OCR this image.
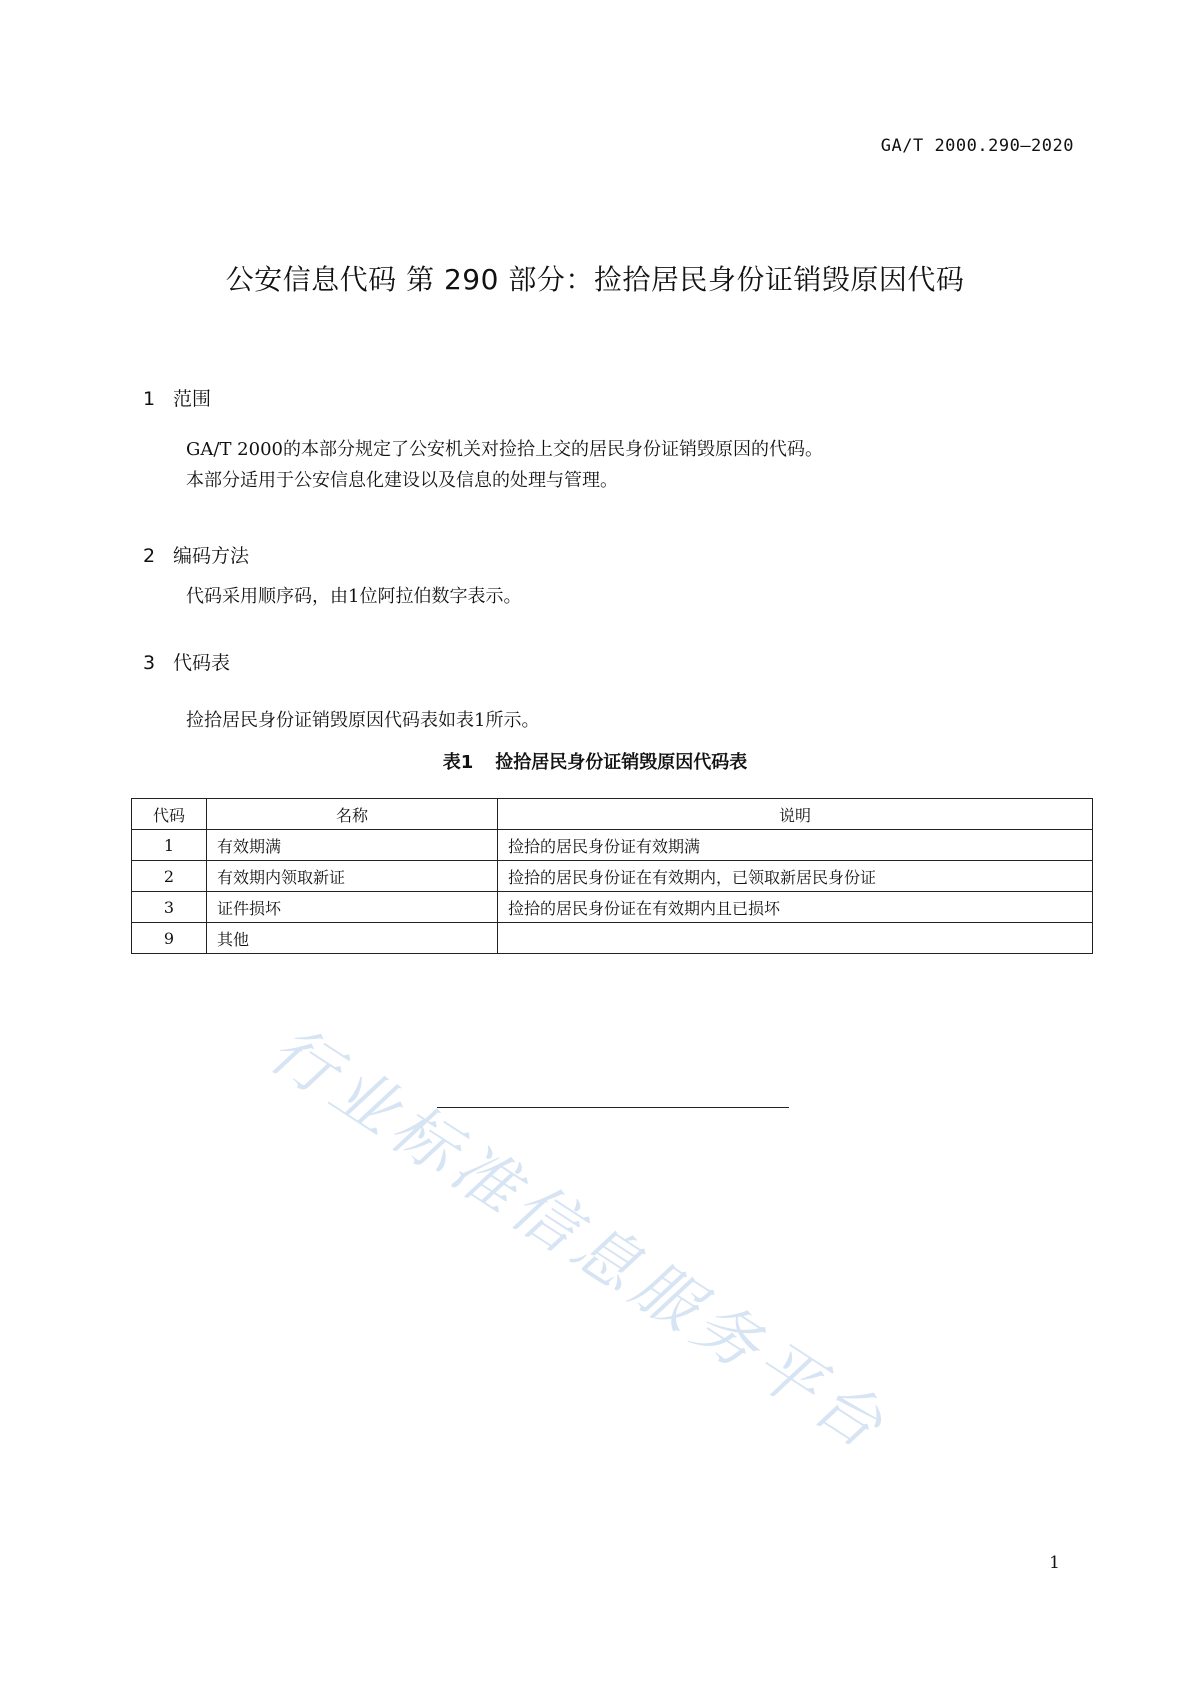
GA/T 2000.290—2020
公安信息代码 第 290 部分：捡拾居民身份证销毁原因代码
1 范围

GA/T 2000的本部分规定了公安机关对捡拾上交的居民身份证销毁原因的代码。

本部分适用于公安信息化建设以及信息的处理与管理。

2 编码方法

代码采用顺序码，由1位阿拉伯数字表示。

3 代码表

捡拾居民身份证销毁原因代码表如表1所示。

表1 捡拾居民身份证销毁原因代码表
代码	名称	说明
1	有效期满	捡拾的居民身份证有效期满
2	有效期内领取新证	捡拾的居民身份证在有效期内，已领取新居民身份证
3	证件损坏	捡拾的居民身份证在有效期内且已损坏
9	其他	
行业标准信息服务平台
1
